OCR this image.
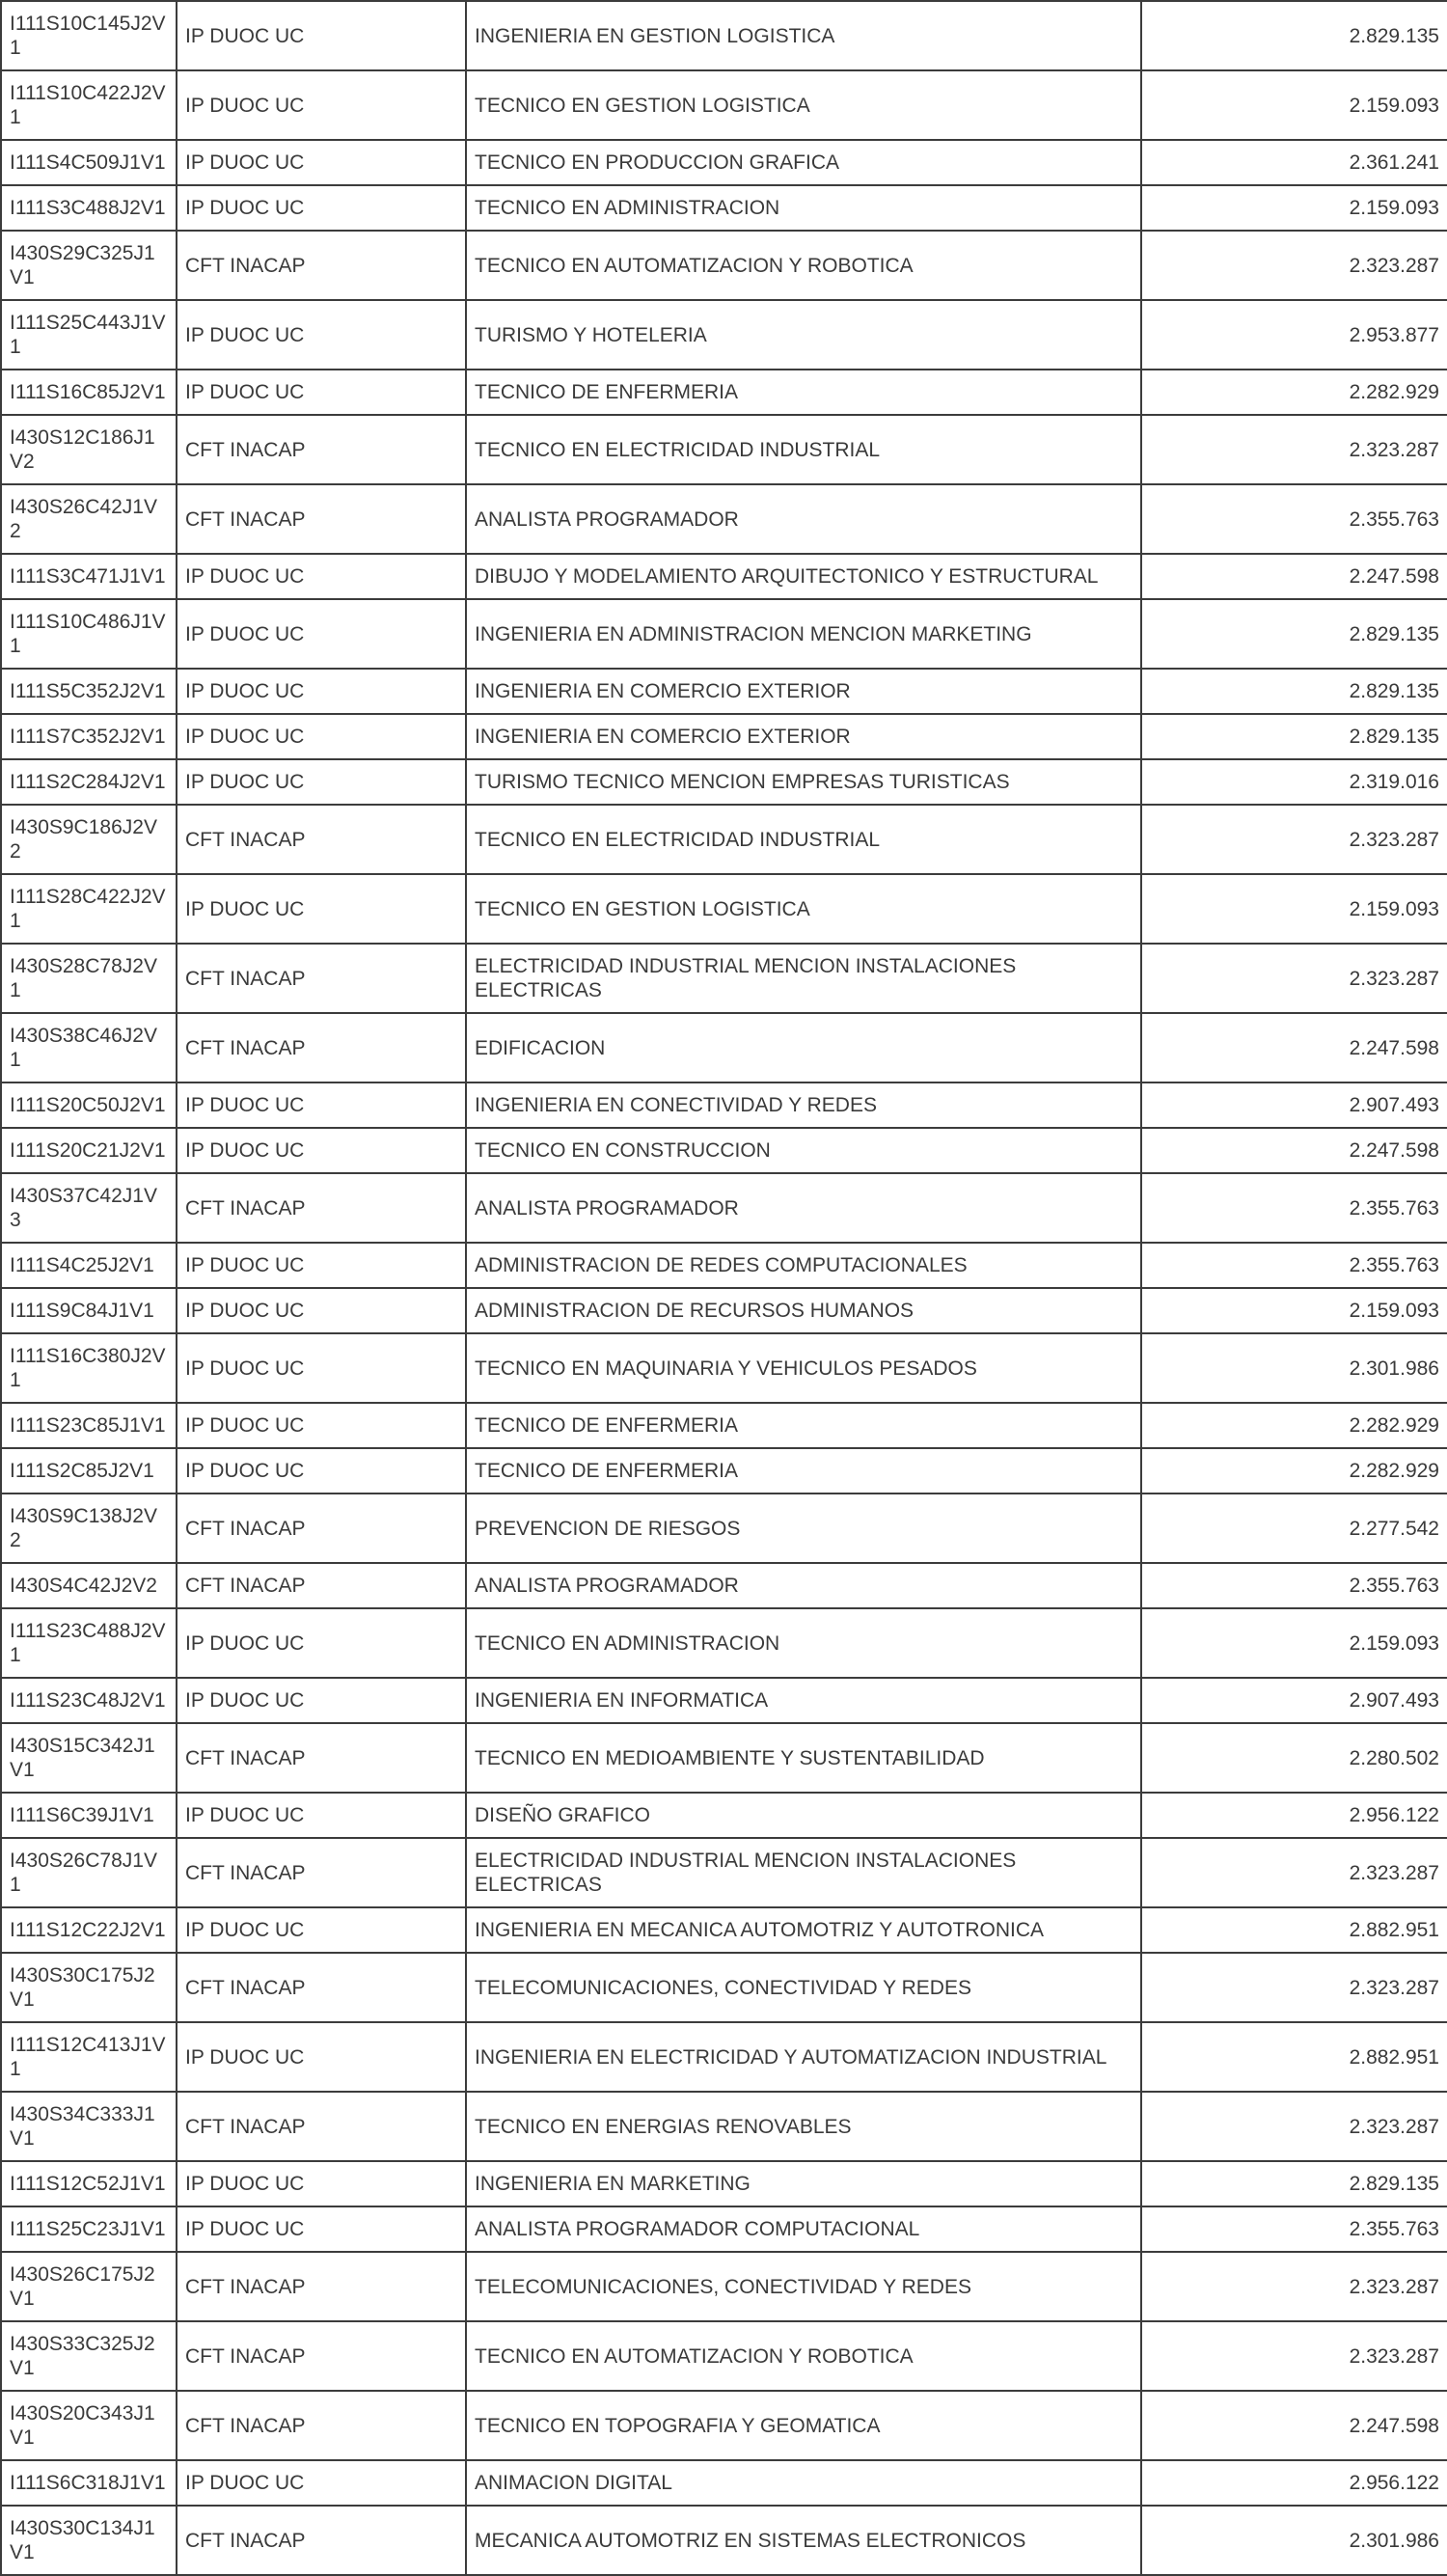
I111S10C145J2V1	IP DUOC UC	INGENIERIA EN GESTION LOGISTICA	2.829.135
I111S10C422J2V1	IP DUOC UC	TECNICO EN GESTION LOGISTICA	2.159.093
I111S4C509J1V1	IP DUOC UC	TECNICO EN PRODUCCION GRAFICA	2.361.241
I111S3C488J2V1	IP DUOC UC	TECNICO EN ADMINISTRACION	2.159.093
I430S29C325J1V1	CFT INACAP	TECNICO EN AUTOMATIZACION Y ROBOTICA	2.323.287
I111S25C443J1V1	IP DUOC UC	TURISMO Y HOTELERIA	2.953.877
I111S16C85J2V1	IP DUOC UC	TECNICO DE ENFERMERIA	2.282.929
I430S12C186J1V2	CFT INACAP	TECNICO EN ELECTRICIDAD INDUSTRIAL	2.323.287
I430S26C42J1V2	CFT INACAP	ANALISTA PROGRAMADOR	2.355.763
I111S3C471J1V1	IP DUOC UC	DIBUJO Y MODELAMIENTO ARQUITECTONICO Y ESTRUCTURAL	2.247.598
I111S10C486J1V1	IP DUOC UC	INGENIERIA EN ADMINISTRACION MENCION MARKETING	2.829.135
I111S5C352J2V1	IP DUOC UC	INGENIERIA EN COMERCIO EXTERIOR	2.829.135
I111S7C352J2V1	IP DUOC UC	INGENIERIA EN COMERCIO EXTERIOR	2.829.135
I111S2C284J2V1	IP DUOC UC	TURISMO TECNICO MENCION EMPRESAS TURISTICAS	2.319.016
I430S9C186J2V2	CFT INACAP	TECNICO EN ELECTRICIDAD INDUSTRIAL	2.323.287
I111S28C422J2V1	IP DUOC UC	TECNICO EN GESTION LOGISTICA	2.159.093
I430S28C78J2V1	CFT INACAP	ELECTRICIDAD INDUSTRIAL MENCION INSTALACIONES ELECTRICAS	2.323.287
I430S38C46J2V1	CFT INACAP	EDIFICACION	2.247.598
I111S20C50J2V1	IP DUOC UC	INGENIERIA EN CONECTIVIDAD Y REDES	2.907.493
I111S20C21J2V1	IP DUOC UC	TECNICO EN CONSTRUCCION	2.247.598
I430S37C42J1V3	CFT INACAP	ANALISTA PROGRAMADOR	2.355.763
I111S4C25J2V1	IP DUOC UC	ADMINISTRACION DE REDES COMPUTACIONALES	2.355.763
I111S9C84J1V1	IP DUOC UC	ADMINISTRACION DE RECURSOS HUMANOS	2.159.093
I111S16C380J2V1	IP DUOC UC	TECNICO EN MAQUINARIA Y VEHICULOS PESADOS	2.301.986
I111S23C85J1V1	IP DUOC UC	TECNICO DE ENFERMERIA	2.282.929
I111S2C85J2V1	IP DUOC UC	TECNICO DE ENFERMERIA	2.282.929
I430S9C138J2V2	CFT INACAP	PREVENCION DE RIESGOS	2.277.542
I430S4C42J2V2	CFT INACAP	ANALISTA PROGRAMADOR	2.355.763
I111S23C488J2V1	IP DUOC UC	TECNICO EN ADMINISTRACION	2.159.093
I111S23C48J2V1	IP DUOC UC	INGENIERIA EN INFORMATICA	2.907.493
I430S15C342J1V1	CFT INACAP	TECNICO EN MEDIOAMBIENTE Y SUSTENTABILIDAD	2.280.502
I111S6C39J1V1	IP DUOC UC	DISEÑO GRAFICO	2.956.122
I430S26C78J1V1	CFT INACAP	ELECTRICIDAD INDUSTRIAL MENCION INSTALACIONES ELECTRICAS	2.323.287
I111S12C22J2V1	IP DUOC UC	INGENIERIA EN MECANICA AUTOMOTRIZ Y AUTOTRONICA	2.882.951
I430S30C175J2V1	CFT INACAP	TELECOMUNICACIONES, CONECTIVIDAD Y REDES	2.323.287
I111S12C413J1V1	IP DUOC UC	INGENIERIA EN ELECTRICIDAD Y AUTOMATIZACION INDUSTRIAL	2.882.951
I430S34C333J1V1	CFT INACAP	TECNICO EN ENERGIAS RENOVABLES	2.323.287
I111S12C52J1V1	IP DUOC UC	INGENIERIA EN MARKETING	2.829.135
I111S25C23J1V1	IP DUOC UC	ANALISTA PROGRAMADOR COMPUTACIONAL	2.355.763
I430S26C175J2V1	CFT INACAP	TELECOMUNICACIONES, CONECTIVIDAD Y REDES	2.323.287
I430S33C325J2V1	CFT INACAP	TECNICO EN AUTOMATIZACION Y ROBOTICA	2.323.287
I430S20C343J1V1	CFT INACAP	TECNICO EN TOPOGRAFIA Y GEOMATICA	2.247.598
I111S6C318J1V1	IP DUOC UC	ANIMACION DIGITAL	2.956.122
I430S30C134J1V1	CFT INACAP	MECANICA AUTOMOTRIZ EN SISTEMAS ELECTRONICOS	2.301.986
